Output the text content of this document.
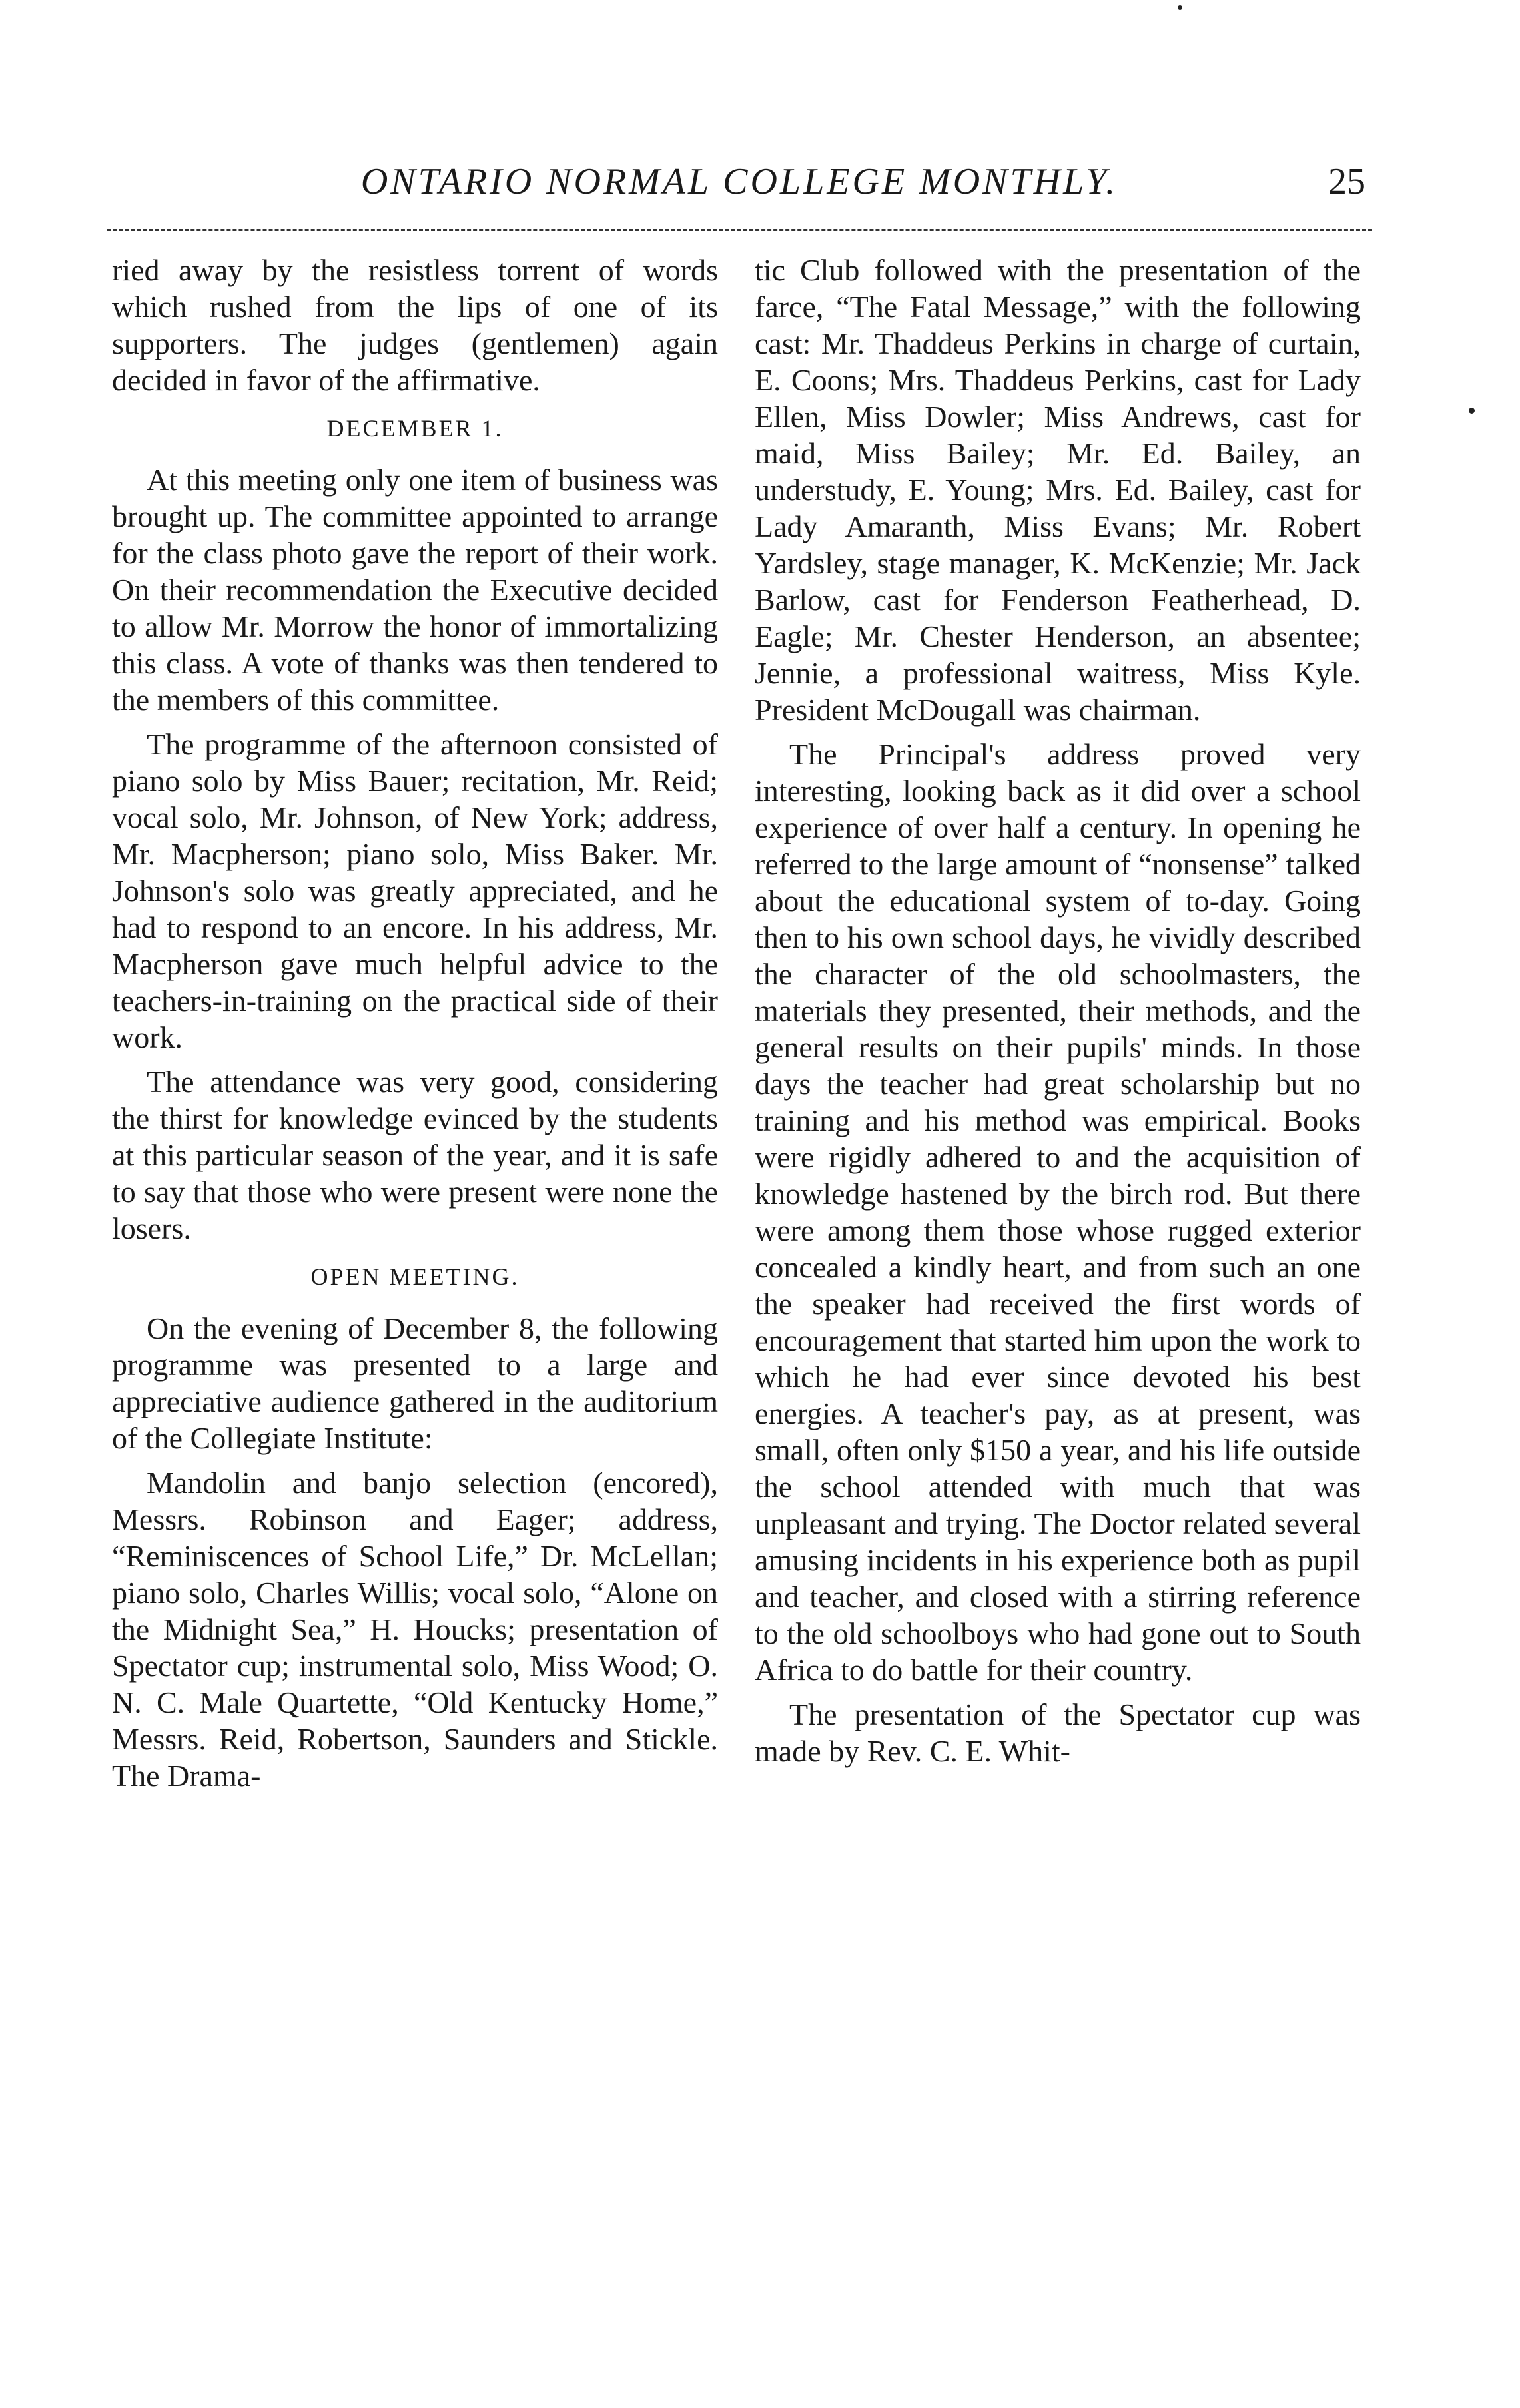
ONTARIO NORMAL COLLEGE MONTHLY.	25

ried away by the resistless torrent of words which rushed from the lips of one of its supporters. The judges (gentlemen) again decided in favor of the affirmative.

DECEMBER 1.

At this meeting only one item of business was brought up. The committee appointed to arrange for the class photo gave the report of their work. On their recommendation the Executive decided to allow Mr. Morrow the honor of immortalizing this class. A vote of thanks was then tendered to the members of this committee.

The programme of the afternoon consisted of piano solo by Miss Bauer; recitation, Mr. Reid; vocal solo, Mr. Johnson, of New York; address, Mr. Macpherson; piano solo, Miss Baker. Mr. Johnson's solo was greatly appreciated, and he had to respond to an encore. In his address, Mr. Macpherson gave much helpful advice to the teachers-in-training on the practical side of their work.

The attendance was very good, considering the thirst for knowledge evinced by the students at this particular season of the year, and it is safe to say that those who were present were none the losers.

OPEN MEETING.

On the evening of December 8, the following programme was presented to a large and appreciative audience gathered in the auditorium of the Collegiate Institute:

Mandolin and banjo selection (encored), Messrs. Robinson and Eager; address, “Reminiscences of School Life,” Dr. McLellan; piano solo, Charles Willis; vocal solo, “Alone on the Midnight Sea,” H. Houcks; presentation of Spectator cup; instrumental solo, Miss Wood; O. N. C. Male Quartette, “Old Kentucky Home,” Messrs. Reid, Robertson, Saunders and Stickle. The Drama-

tic Club followed with the presentation of the farce, “The Fatal Message,” with the following cast: Mr. Thaddeus Perkins in charge of curtain, E. Coons; Mrs. Thaddeus Perkins, cast for Lady Ellen, Miss Dowler; Miss Andrews, cast for maid, Miss Bailey; Mr. Ed. Bailey, an understudy, E. Young; Mrs. Ed. Bailey, cast for Lady Amaranth, Miss Evans; Mr. Robert Yardsley, stage manager, K. McKenzie; Mr. Jack Barlow, cast for Fenderson Featherhead, D. Eagle; Mr. Chester Henderson, an absentee; Jennie, a professional waitress, Miss Kyle. President McDougall was chairman.

The Principal's address proved very interesting, looking back as it did over a school experience of over half a century. In opening he referred to the large amount of “nonsense” talked about the educational system of to-day. Going then to his own school days, he vividly described the character of the old schoolmasters, the materials they presented, their methods, and the general results on their pupils' minds. In those days the teacher had great scholarship but no training and his method was empirical. Books were rigidly adhered to and the acquisition of knowledge hastened by the birch rod. But there were among them those whose rugged exterior concealed a kindly heart, and from such an one the speaker had received the first words of encouragement that started him upon the work to which he had ever since devoted his best energies. A teacher's pay, as at present, was small, often only $150 a year, and his life outside the school attended with much that was unpleasant and trying. The Doctor related several amusing incidents in his experience both as pupil and teacher, and closed with a stirring reference to the old schoolboys who had gone out to South Africa to do battle for their country.

The presentation of the Spectator cup was made by Rev. C. E. Whit-
